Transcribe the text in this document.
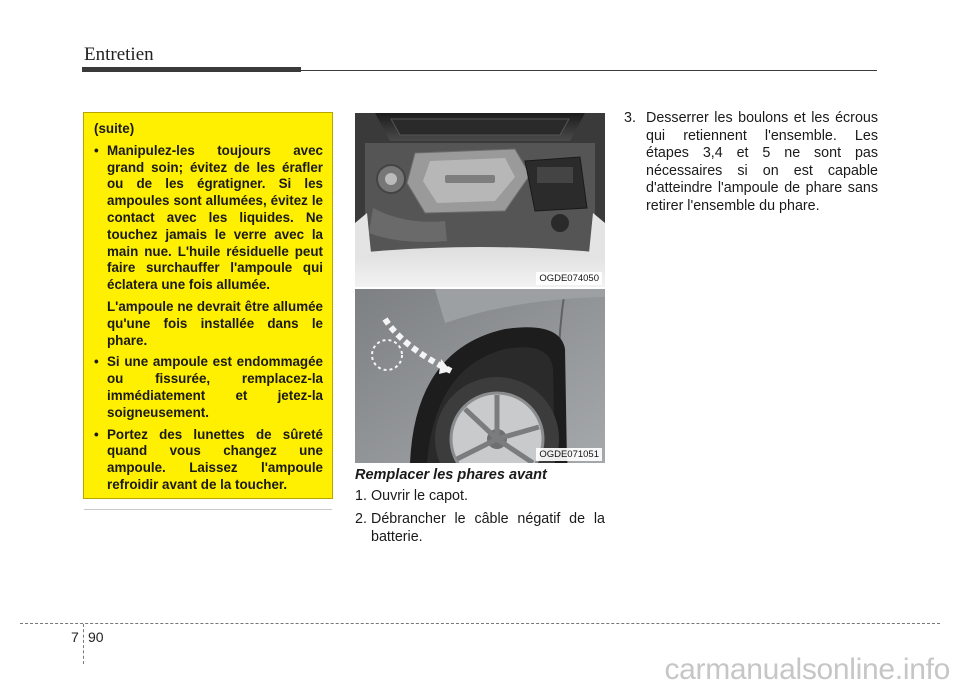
Entretien
(suite)
• Manipulez-les toujours avec grand soin; évitez de les érafler ou de les égratigner. Si les ampoules sont allumées, évitez le contact avec les liquides. Ne touchez jamais le verre avec la main nue. L'huile résiduelle peut faire surchauffer l'ampoule qui éclatera une fois allumée.

L'ampoule ne devrait être allumée qu'une fois installée dans le phare.

• Si une ampoule est endommagée ou fissurée, remplacez-la immédiatement et jetez-la soigneusement.

• Portez des lunettes de sûreté quand vous changez une ampoule. Laissez l'ampoule refroidir avant de la toucher.

OGDE074050
OGDE071051
Remplacer les phares avant
1. Ouvrir le capot.
2. Débrancher le câble négatif de la batterie.
3. Desserrer les boulons et les écrous qui retiennent l'ensemble. Les étapes 3,4 et 5 ne sont pas nécessaires si on est capable d'atteindre l'ampoule de phare sans retirer l'ensemble du phare.
7 90
carmanualsonline.info
